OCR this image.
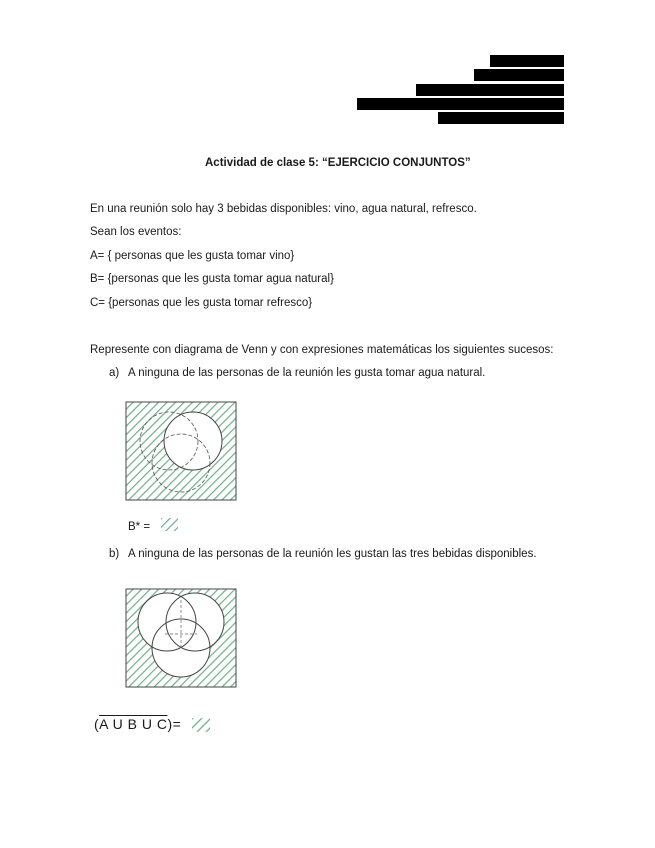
Actividad de clase 5: “EJERCICIO CONJUNTOS”
En una reunión solo hay 3 bebidas disponibles: vino, agua natural, refresco.
Sean los eventos:
A= { personas que les gusta tomar vino}
B= {personas que les gusta tomar agua natural}
C= {personas que les gusta tomar refresco}
Represente con diagrama de Venn y con expresiones matemáticas los siguientes sucesos:
a) A ninguna de las personas de la reunión les gusta tomar agua natural.
B* =
b) A ninguna de las personas de la reunión les gustan las tres bebidas disponibles.
(A U B U C)=
